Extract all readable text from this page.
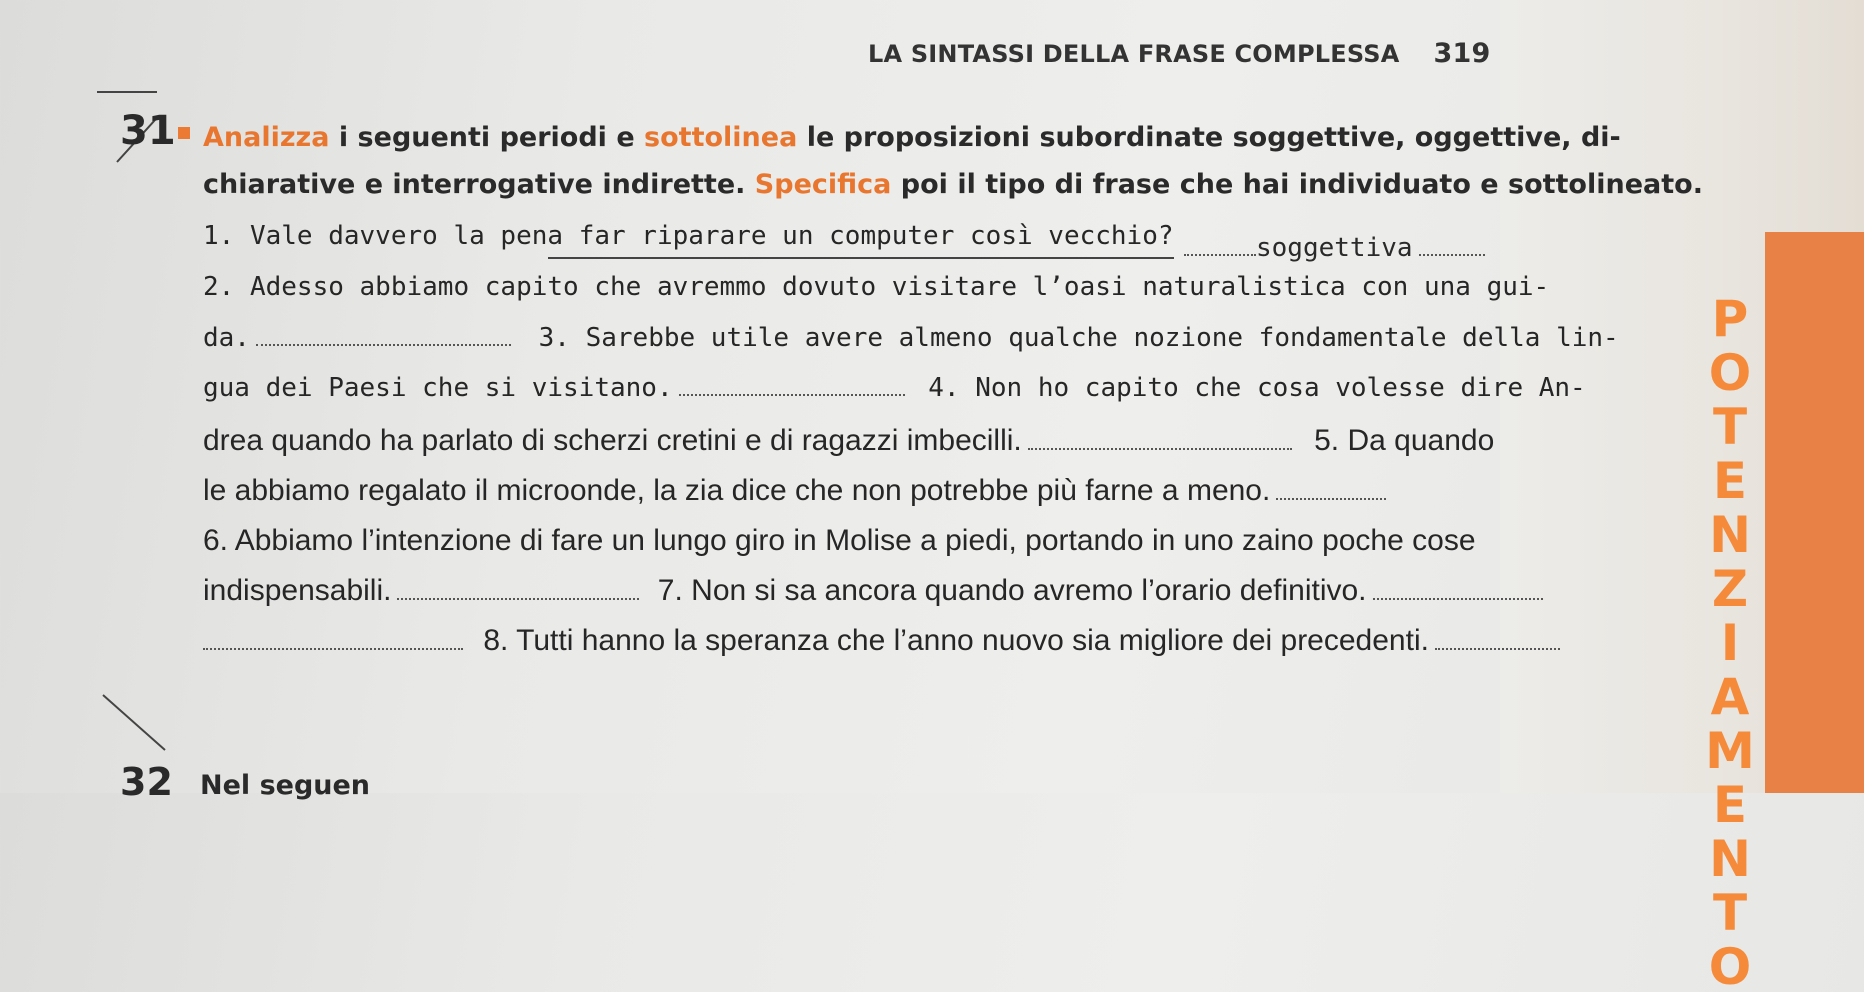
POTENZIAMENTO
LA SINTASSI DELLA FRASE COMPLESSA 319
31	Analizza i seguenti periodi e sottolinea le proposizioni subordinate soggettive, oggettive, di-
chiarative e interrogative indirette. Specifica poi il tipo di frase che hai individuato e sottolineato.
1. Vale davvero la pena far riparare un computer così vecchio?	soggettiva
2. Adesso abbiamo capito che avremmo dovuto visitare l’oasi naturalistica con una gui-
da.	3. Sarebbe utile avere almeno qualche nozione fondamentale della lin-
gua dei Paesi che si visitano.	4. Non ho capito che cosa volesse dire An-
drea quando ha parlato di scherzi cretini e di ragazzi imbecilli.	5. Da quando
le abbiamo regalato il microonde, la zia dice che non potrebbe più farne a meno.
6. Abbiamo l’intenzione di fare un lungo giro in Molise a piedi, portando in uno zaino poche cose
indispensabili.	7. Non si sa ancora quando avremo l’orario definitivo.
8. Tutti hanno la speranza che l’anno nuovo sia migliore dei precedenti.
32 Nel seguen
